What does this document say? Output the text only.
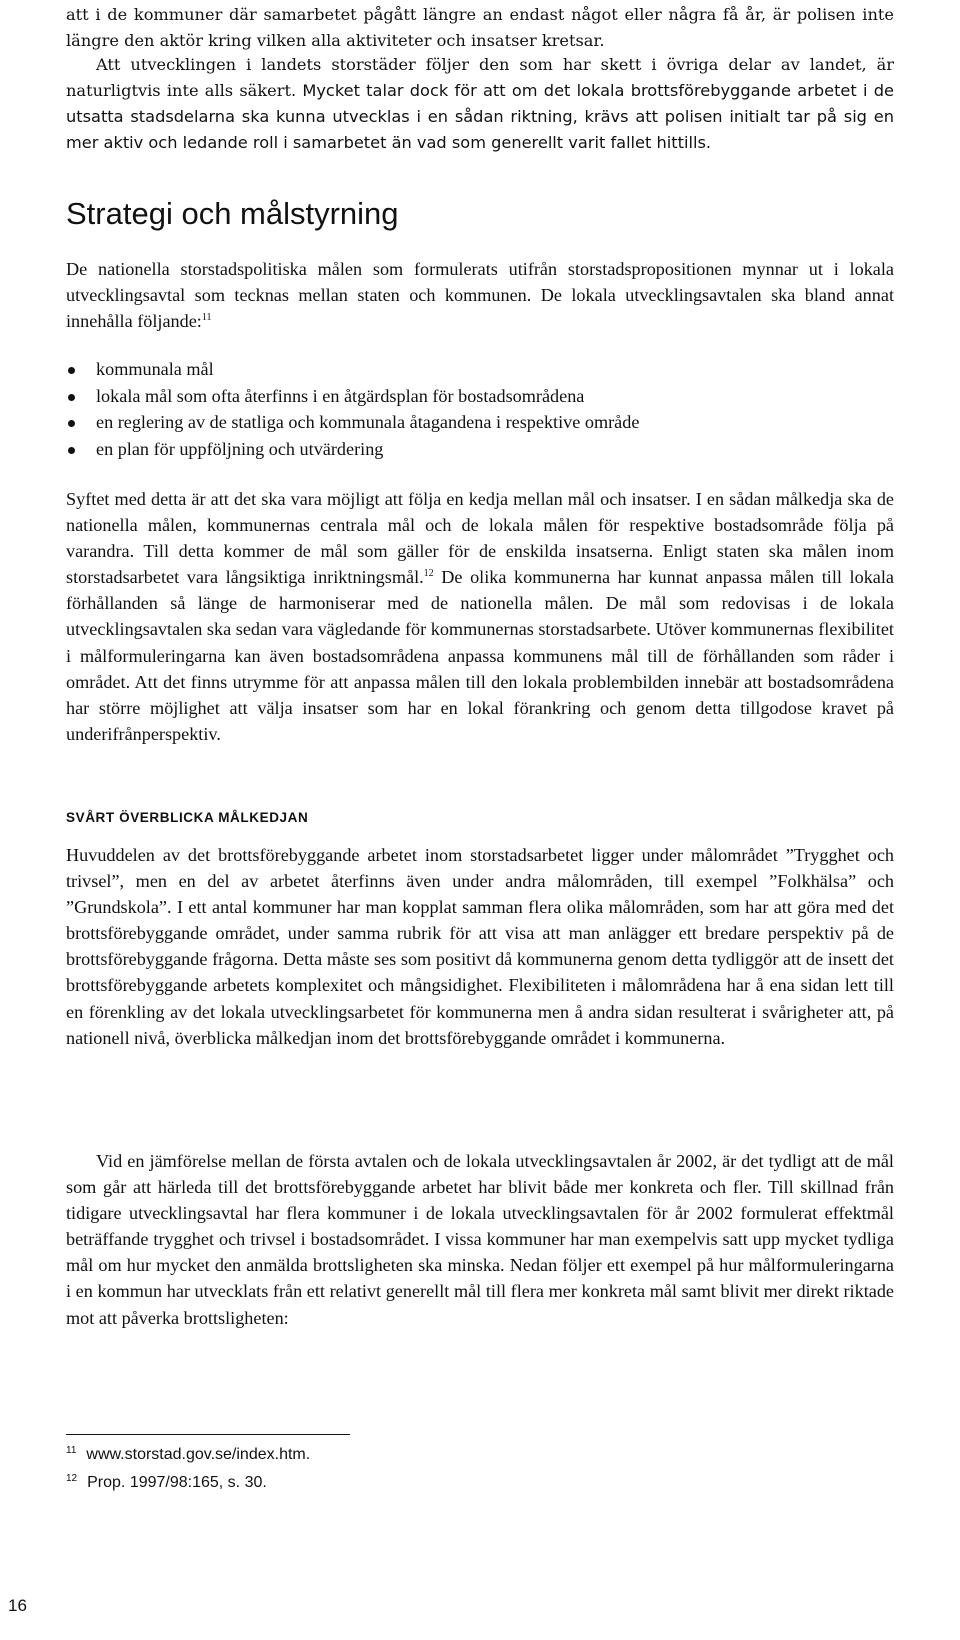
att i de kommuner där samarbetet pågått längre an endast något eller några få år, är polisen inte längre den aktör kring vilken alla aktiviteter och insatser kretsar.

Att utvecklingen i landets storstäder följer den som har skett i övriga delar av landet, är naturligtvis inte alls säkert. Mycket talar dock för att om det lokala brottsförebyggande arbetet i de utsatta stadsdelarna ska kunna utvecklas i en sådan riktning, krävs att polisen initialt tar på sig en mer aktiv och ledande roll i samarbetet än vad som generellt varit fallet hittills.

Strategi och målstyrning

De nationella storstadspolitiska målen som formulerats utifrån storstadspropositionen mynnar ut i lokala utvecklingsavtal som tecknas mellan staten och kommunen. De lokala utvecklingsavtalen ska bland annat innehålla följande:$^{11}$

kommunala mål
lokala mål som ofta återfinns i en åtgärdsplan för bostadsområdena
en reglering av de statliga och kommunala åtagandena i respektive område
en plan för uppföljning och utvärdering

Syftet med detta är att det ska vara möjligt att följa en kedja mellan mål och insatser. I en sådan målkedja ska de nationella målen, kommunernas centrala mål och de lokala målen för respektive bostadsområde följa på varandra. Till detta kommer de mål som gäller för de enskilda insatserna. Enligt staten ska målen inom storstadsarbetet vara långsiktiga inriktningsmål.$^{12}$ De olika kommunerna har kunnat anpassa målen till lokala förhållanden så länge de harmoniserar med de nationella målen. De mål som redovisas i de lokala utvecklingsavtalen ska sedan vara vägledande för kommunernas storstadsarbete. Utöver kommunernas flexibilitet i målformuleringarna kan även bostadsområdena anpassa kommunens mål till de förhållanden som råder i området. Att det finns utrymme för att anpassa målen till den lokala problembilden innebär att bostadsområdena har större möjlighet att välja insatser som har en lokal förankring och genom detta tillgodose kravet på underifrånperspektiv.

SVÅRT ÖVERBLICKA MÅLKEDJAN

Huvuddelen av det brottsförebyggande arbetet inom storstadsarbetet ligger under målområdet ”Trygghet och trivsel”, men en del av arbetet återfinns även under andra målområden, till exempel ”Folkhälsa” och ”Grundskola”. I ett antal kommuner har man kopplat samman flera olika målområden, som har att göra med det brottsförebyggande området, under samma rubrik för att visa att man anlägger ett bredare perspektiv på de brottsförebyggande frågorna. Detta måste ses som positivt då kommunerna genom detta tydliggör att de insett det brottsförebyggande arbetets komplexitet och mångsidighet. Flexibiliteten i målområdena har å ena sidan lett till en förenkling av det lokala utvecklingsarbetet för kommunerna men å andra sidan resulterat i svårigheter att, på nationell nivå, överblicka målkedjan inom det brottsförebyggande området i kommunerna.

Vid en jämförelse mellan de första avtalen och de lokala utvecklingsavtalen år 2002, är det tydligt att de mål som går att härleda till det brottsförebyggande arbetet har blivit både mer konkreta och fler. Till skillnad från tidigare utvecklingsavtal har flera kommuner i de lokala utvecklingsavtalen för år 2002 formulerat effektmål beträffande trygghet och trivsel i bostadsområdet. I vissa kommuner har man exempelvis satt upp mycket tydliga mål om hur mycket den anmälda brottsligheten ska minska. Nedan följer ett exempel på hur målformuleringarna i en kommun har utvecklats från ett relativt generellt mål till flera mer konkreta mål samt blivit mer direkt riktade mot att påverka brottsligheten:

$^{11}$ www.storstad.gov.se/index.htm.
$^{12}$ Prop. 1997/98:165, s. 30.
16
